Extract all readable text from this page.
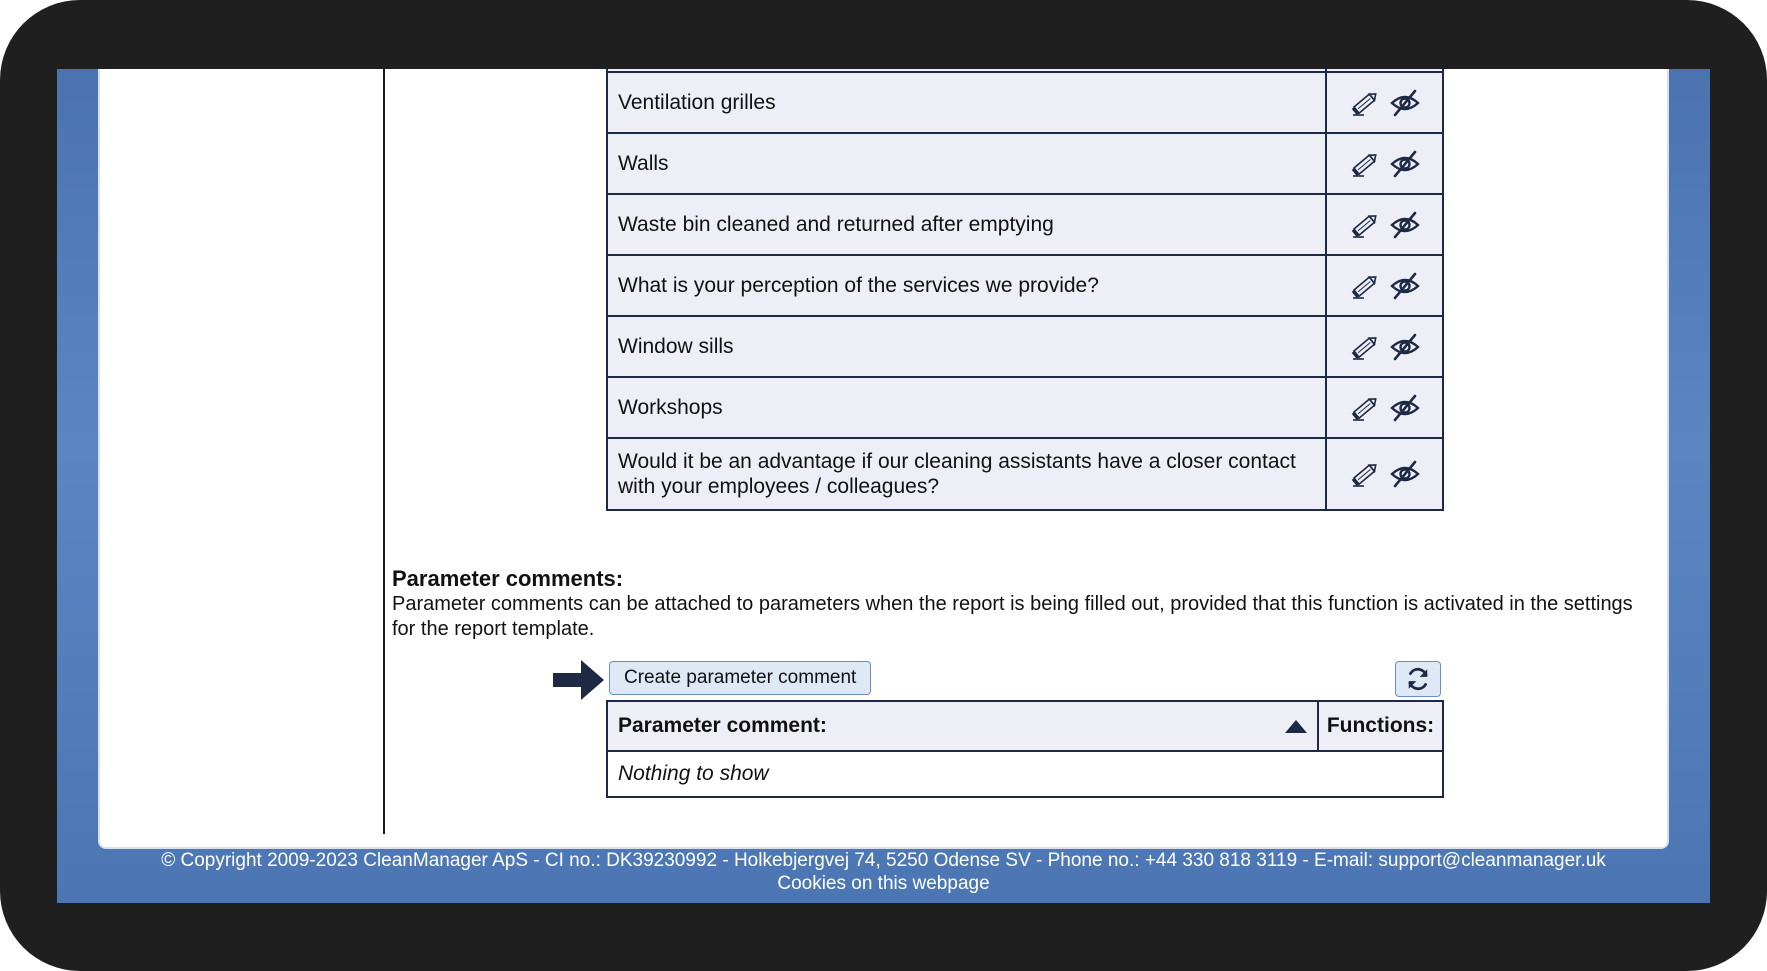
Ventilation grilles	

Walls	

Waste bin cleaned and returned after emptying	

What is your perception of the services we provide?	

Window sills	

Workshops	

Would it be an advantage if our cleaning assistants have a closer contact with your employees / colleagues?	
Parameter comments:
Parameter comments can be attached to parameters when the report is being filled out, provided that this function is activated in the settings for the report template.
Create parameter comment
Parameter comment:	Functions:
Nothing to show
© Copyright 2009-2023 CleanManager ApS - CI no.: DK39230992 - Holkebjergvej 74, 5250 Odense SV - Phone no.: +44 330 818 3119 - E-mail: support@cleanmanager.uk
Cookies on this webpage
